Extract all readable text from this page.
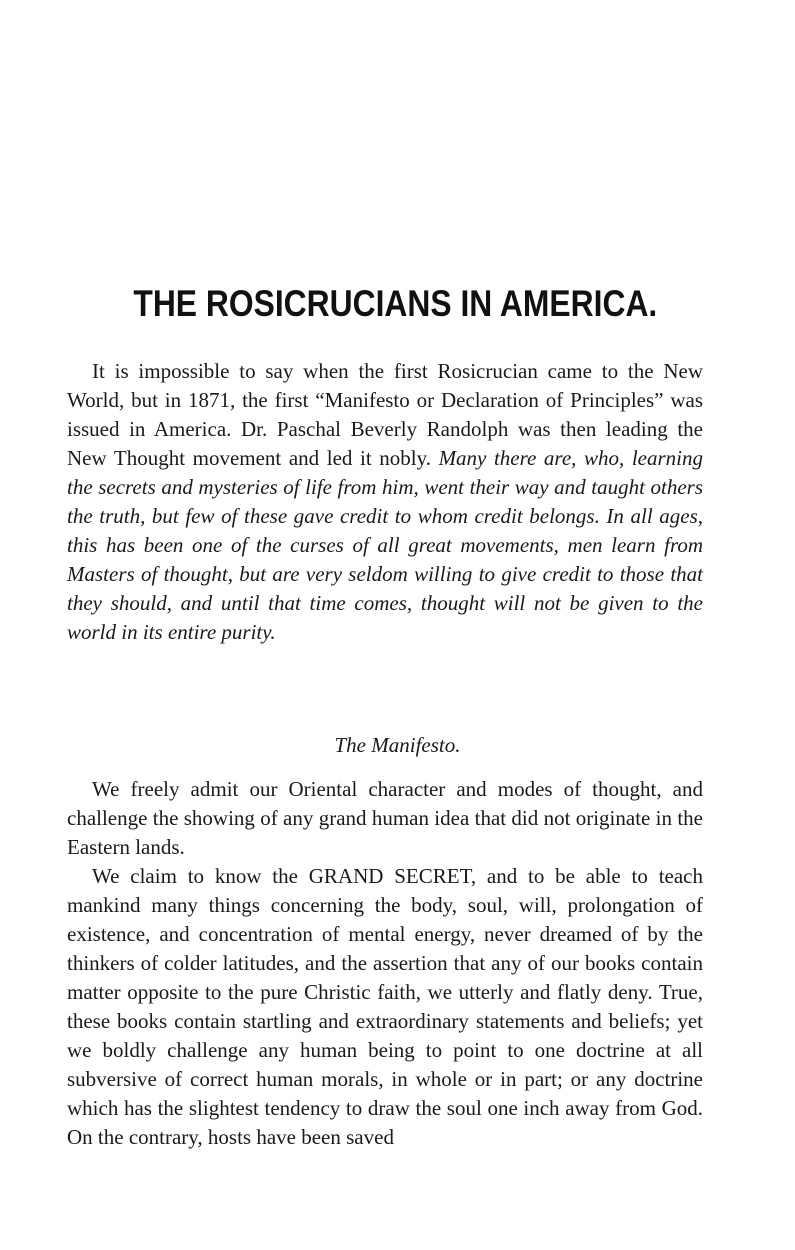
THE ROSICRUCIANS IN AMERICA.

It is impossible to say when the first Rosicrucian came to the New World, but in 1871, the first “Manifesto or Declaration of Principles” was issued in America. Dr. Paschal Beverly Randolph was then leading the New Thought movement and led it nobly. Many there are, who, learning the secrets and mysteries of life from him, went their way and taught others the truth, but few of these gave credit to whom credit belongs. In all ages, this has been one of the curses of all great movements, men learn from Masters of thought, but are very seldom willing to give credit to those that they should, and until that time comes, thought will not be given to the world in its entire purity.

The Manifesto.

We freely admit our Oriental character and modes of thought, and challenge the showing of any grand human idea that did not originate in the Eastern lands.

We claim to know the GRAND SECRET, and to be able to teach mankind many things concerning the body, soul, will, prolongation of existence, and concentration of mental energy, never dreamed of by the thinkers of colder latitudes, and the assertion that any of our books contain matter opposite to the pure Christic faith, we utterly and flatly deny. True, these books contain startling and extraordinary statements and beliefs; yet we boldly challenge any human being to point to one doctrine at all subversive of correct human morals, in whole or in part; or any doctrine which has the slightest tendency to draw the soul one inch away from God. On the contrary, hosts have been saved
